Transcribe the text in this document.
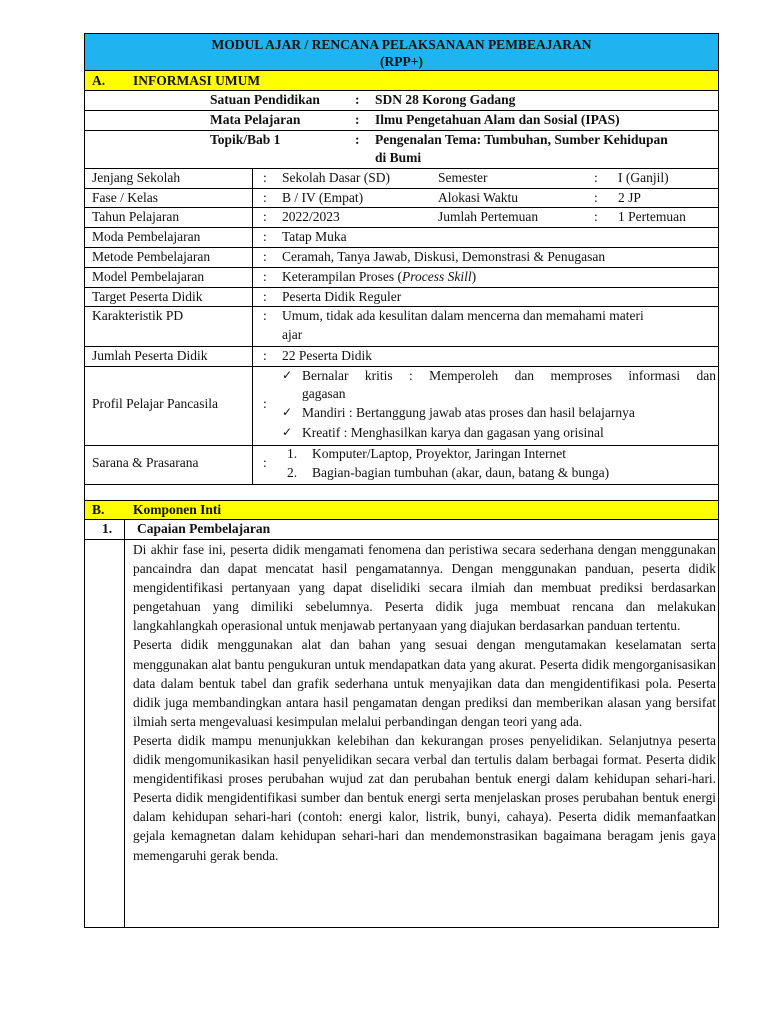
MODUL AJAR / RENCANA PELAKSANAAN PEMBEAJARAN
(RPP+)
A. INFORMASI UMUM
Satuan Pendidikan	: SDN 28 Korong Gadang
Mata Pelajaran	: Ilmu Pengetahuan Alam dan Sosial (IPAS)
Topik/Bab 1	: Pengenalan Tema: Tumbuhan, Sumber Kehidupan
di Bumi
Jenjang Sekolah	: Sekolah Dasar (SD)	Semester	: I (Ganjil)
Fase / Kelas	: B / IV (Empat)	Alokasi Waktu	: 2 JP
Tahun Pelajaran	: 2022/2023	Jumlah Pertemuan	: 1 Pertemuan
Moda Pembelajaran	: Tatap Muka
Metode Pembelajaran	: Ceramah, Tanya Jawab, Diskusi, Demonstrasi & Penugasan
Model Pembelajaran	: Keterampilan Proses (Process Skill)
Target Peserta Didik	: Peserta Didik Reguler
Karakteristik PD	: Umum, tidak ada kesulitan dalam mencerna dan memahami materi
ajar
Jumlah Peserta Didik	: 22 Peserta Didik
Profil Pelajar Pancasila	:
✓ Bernalar kritis : Memperoleh dan memproses informasi dan
gagasan
✓ Mandiri : Bertanggung jawab atas proses dan hasil belajarnya
✓ Kreatif : Menghasilkan karya dan gagasan yang orisinal
Sarana & Prasarana	:
1. Komputer/Laptop, Proyektor, Jaringan Internet
2. Bagian-bagian tumbuhan (akar, daun, batang & bunga)
B. Komponen Inti
1. Capaian Pembelajaran

Di akhir fase ini, peserta didik mengamati fenomena dan peristiwa secara sederhana dengan menggunakan pancaindra dan dapat mencatat hasil pengamatannya. Dengan menggunakan panduan, peserta didik mengidentifikasi pertanyaan yang dapat diselidiki secara ilmiah dan membuat prediksi berdasarkan pengetahuan yang dimiliki sebelumnya. Peserta didik juga membuat rencana dan melakukan langkahlangkah operasional untuk menjawab pertanyaan yang diajukan berdasarkan panduan tertentu.

Peserta didik menggunakan alat dan bahan yang sesuai dengan mengutamakan keselamatan serta menggunakan alat bantu pengukuran untuk mendapatkan data yang akurat. Peserta didik mengorganisasikan data dalam bentuk tabel dan grafik sederhana untuk menyajikan data dan mengidentifikasi pola. Peserta didik juga membandingkan antara hasil pengamatan dengan prediksi dan memberikan alasan yang bersifat ilmiah serta mengevaluasi kesimpulan melalui perbandingan dengan teori yang ada.

Peserta didik mampu menunjukkan kelebihan dan kekurangan proses penyelidikan. Selanjutnya peserta didik mengomunikasikan hasil penyelidikan secara verbal dan tertulis dalam berbagai format. Peserta didik mengidentifikasi proses perubahan wujud zat dan perubahan bentuk energi dalam kehidupan sehari-hari. Peserta didik mengidentifikasi sumber dan bentuk energi serta menjelaskan proses perubahan bentuk energi dalam kehidupan sehari-hari (contoh: energi kalor, listrik, bunyi, cahaya). Peserta didik memanfaatkan gejala kemagnetan dalam kehidupan sehari-hari dan mendemonstrasikan bagaimana beragam jenis gaya memengaruhi gerak benda.
